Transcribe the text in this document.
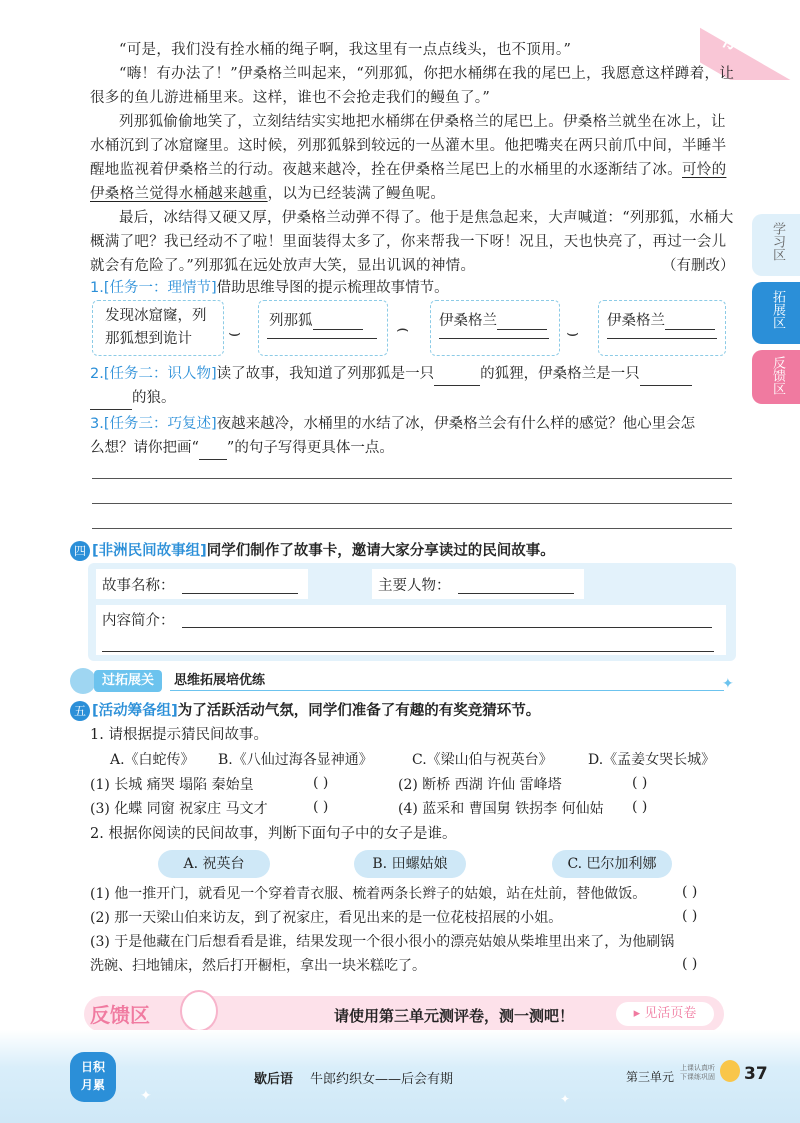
教师用书
“可是，我们没有拴水桶的绳子啊，我这里有一点点线头，也不顶用。”
“嗨！有办法了！”伊桑格兰叫起来，“列那狐，你把水桶绑在我的尾巴上，我愿意这样蹲着，让很多的鱼儿游进桶里来。这样，谁也不会抢走我们的鳗鱼了。”
列那狐偷偷地笑了，立刻结结实实地把水桶绑在伊桑格兰的尾巴上。伊桑格兰就坐在冰上，让水桶沉到了冰窟窿里。这时候，列那狐躲到较远的一丛灌木里。他把嘴夹在两只前爪中间，半睡半醒地监视着伊桑格兰的行动。夜越来越冷，拴在伊桑格兰尾巴上的水桶里的水逐渐结了冰。可怜的伊桑格兰觉得水桶越来越重，以为已经装满了鳗鱼呢。
最后，冰结得又硬又厚，伊桑格兰动弹不得了。他于是焦急起来，大声喊道：“列那狐，水桶大概满了吧？我已经动不了啦！里面装得太多了，你来帮我一下呀！况且，天也快亮了，再过一会儿就会有危险了。”列那狐在远处放声大笑，显出讥讽的神情。	（有删改）
1.[任务一：理情节]借助思维导图的提示梳理故事情节。
发现冰窟窿，列那狐想到诡计	⌣	列那狐	⌢	伊桑格兰	⌣	伊桑格兰
2.[任务二：识人物]读了故事，我知道了列那狐是一只	的狐狸，伊桑格兰是一只
的狼。
3.[任务三：巧复述]夜越来越冷，水桶里的水结了冰，伊桑格兰会有什么样的感觉？他心里会怎
么想？请你把画“ ”的句子写得更具体一点。
四 [非洲民间故事组]同学们制作了故事卡，邀请大家分享读过的民间故事。
故事名称：	主要人物：
内容简介：
过拓展关	思维拓展培优练	✦
五 [活动筹备组]为了活跃活动气氛，同学们准备了有趣的有奖竞猜环节。
1. 请根据提示猜民间故事。
A.《白蛇传》 B.《八仙过海各显神通》	C.《梁山伯与祝英台》	D.《孟姜女哭长城》
(1) 长城 痛哭 塌陷 秦始皇	( )	(2) 断桥 西湖 许仙 雷峰塔	( )
(3) 化蝶 同窗 祝家庄 马文才	( )	(4) 蓝采和 曹国舅 铁拐李 何仙姑 ( )
2. 根据你阅读的民间故事，判断下面句子中的女子是谁。
A. 祝英台	B. 田螺姑娘	C. 巴尔加利娜
(1) 他一推开门，就看见一个穿着青衣服、梳着两条长辫子的姑娘，站在灶前，替他做饭。	( )
(2) 那一天梁山伯来访友，到了祝家庄，看见出来的是一位花枝招展的小姐。	( )
(3) 于是他藏在门后想看看是谁，结果发现一个很小很小的漂亮姑娘从柴堆里出来了，为他刷锅
洗碗、扫地铺床，然后打开橱柜，拿出一块米糕吃了。	( )
反馈区	请使用第三单元测评卷，测一测吧！	▸ 见活页卷
学习区
拓展区
反馈区
✦	✦
日积
月累	歇后语 牛郎约织女——后会有期	第三单元
上课认真听
下课练巩固 37
